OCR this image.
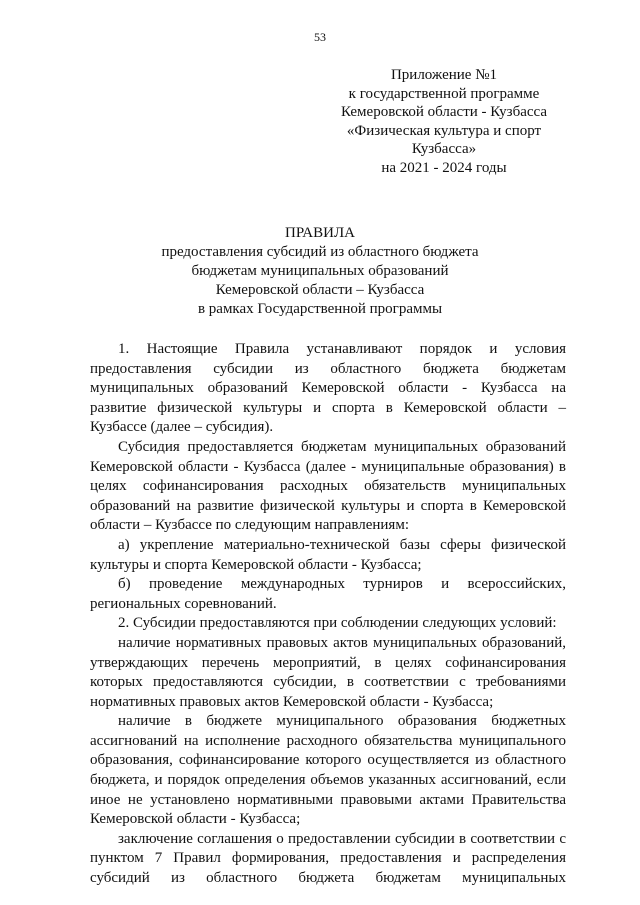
53
Приложение №1
к государственной программе
Кемеровской области - Кузбасса
«Физическая культура и спорт
Кузбасса»
на 2021 - 2024 годы
ПРАВИЛА
предоставления субсидий из областного бюджета
бюджетам муниципальных образований
Кемеровской области – Кузбасса
в рамках Государственной программы

1. Настоящие Правила устанавливают порядок и условия предоставления субсидии из областного бюджета бюджетам муниципальных образований Кемеровской области - Кузбасса на развитие физической культуры и спорта в Кемеровской области – Кузбассе (далее – субсидия).

Субсидия предоставляется бюджетам муниципальных образований Кемеровской области - Кузбасса (далее - муниципальные образования) в целях софинансирования расходных обязательств муниципальных образований на развитие физической культуры и спорта в Кемеровской области – Кузбассе по следующим направлениям:

а) укрепление материально-технической базы сферы физической культуры и спорта Кемеровской области - Кузбасса;

б) проведение международных турниров и всероссийских, региональных соревнований.

2. Субсидии предоставляются при соблюдении следующих условий:

наличие нормативных правовых актов муниципальных образований, утверждающих перечень мероприятий, в целях софинансирования которых предоставляются субсидии, в соответствии с требованиями нормативных правовых актов Кемеровской области - Кузбасса;

наличие в бюджете муниципального образования бюджетных ассигнований на исполнение расходного обязательства муниципального образования, софинансирование которого осуществляется из областного бюджета, и порядок определения объемов указанных ассигнований, если иное не установлено нормативными правовыми актами Правительства Кемеровской области - Кузбасса;

заключение соглашения о предоставлении субсидии в соответствии с пунктом 7 Правил формирования, предоставления и распределения субсидий из областного бюджета бюджетам муниципальных
